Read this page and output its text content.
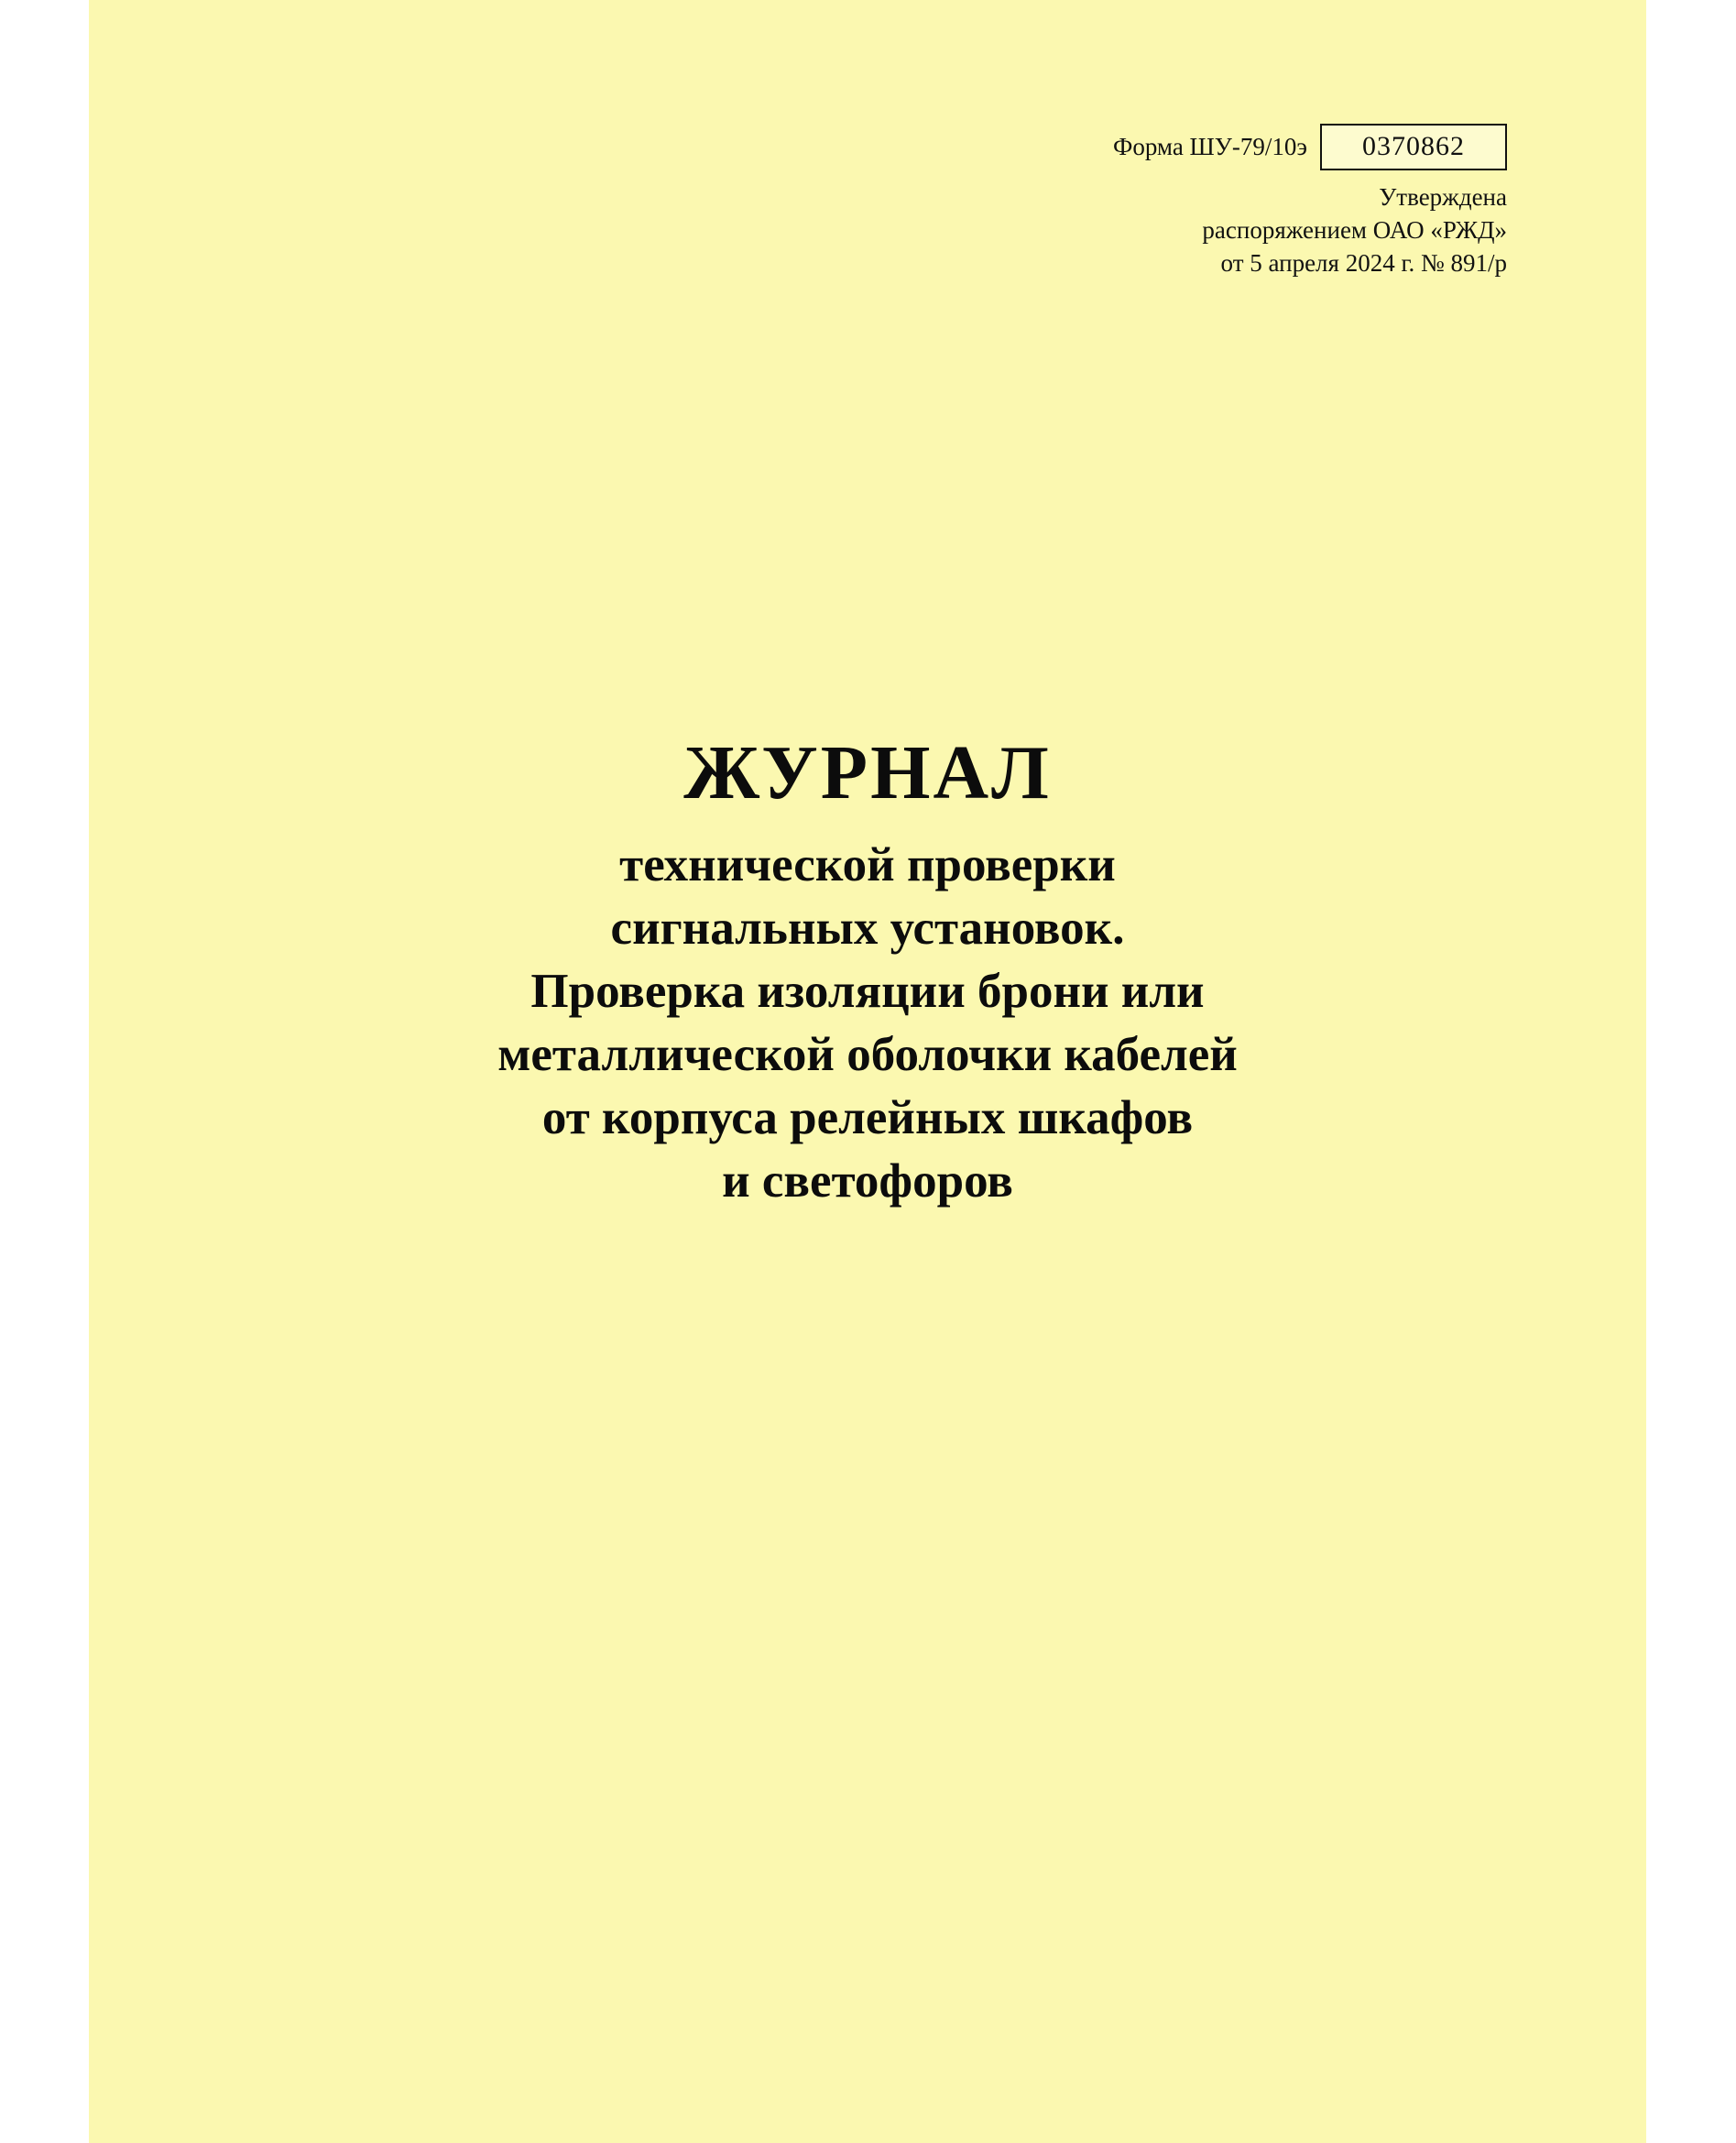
Форма ШУ-79/10э	0370862
Утверждена
распоряжением ОАО «РЖД»
от 5 апреля 2024 г. № 891/р
ЖУРНАЛ
технической проверки
сигнальных установок.
Проверка изоляции брони или
металлической оболочки кабелей
от корпуса релейных шкафов
и светофоров
